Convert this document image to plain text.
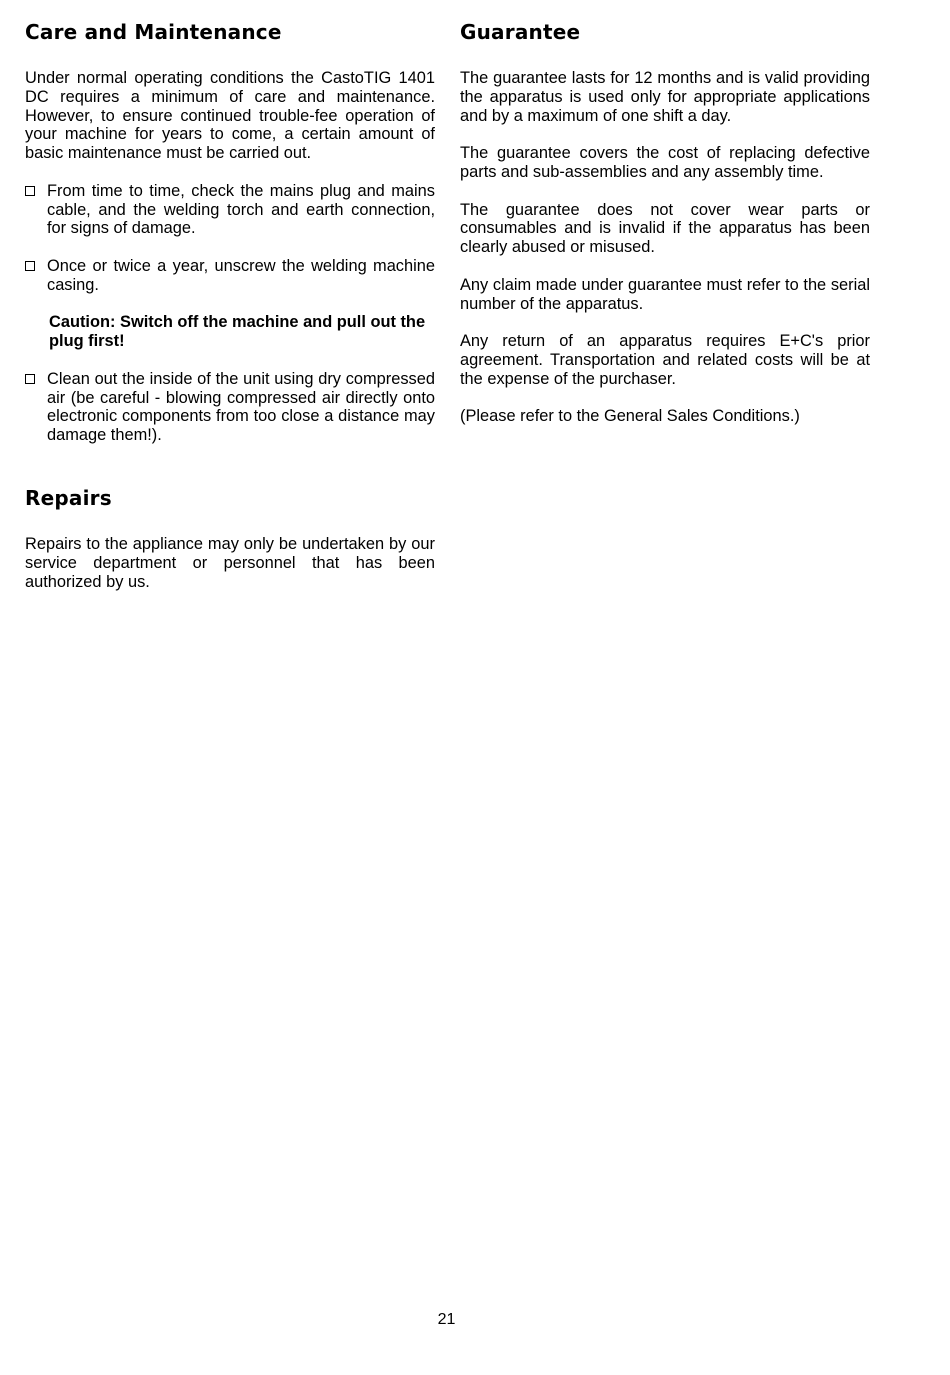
Care and Maintenance

Under normal operating conditions the CastoTIG 1401 DC requires a minimum of care and maintenance. However, to ensure continued trouble-fee operation of your machine for years to come, a certain amount of basic maintenance must be carried out.

From time to time, check the mains plug and mains cable, and the welding torch and earth connection, for signs of damage.

Once or twice a year, unscrew the welding machine casing.

Caution: Switch off the machine and pull out the plug first!

Clean out the inside of the unit using dry compressed air (be careful - blowing compressed air directly onto electronic components from too close a distance may damage them!).

Repairs

Repairs to the appliance may only be undertaken by our service department or personnel that has been authorized by us.

Guarantee

The guarantee lasts for 12 months and is valid providing the apparatus is used only for appropriate applications and by a maximum of one shift a day.

The guarantee covers the cost of replacing defective parts and sub-assemblies and any assembly time.

The guarantee does not cover wear parts or consumables and is invalid if the apparatus has been clearly abused or misused.

Any claim made under guarantee must refer to the serial number of the apparatus.

Any return of an apparatus requires E+C's prior agreement. Transportation and related costs will be at the expense of the purchaser.

(Please refer to the General Sales Conditions.)

21
